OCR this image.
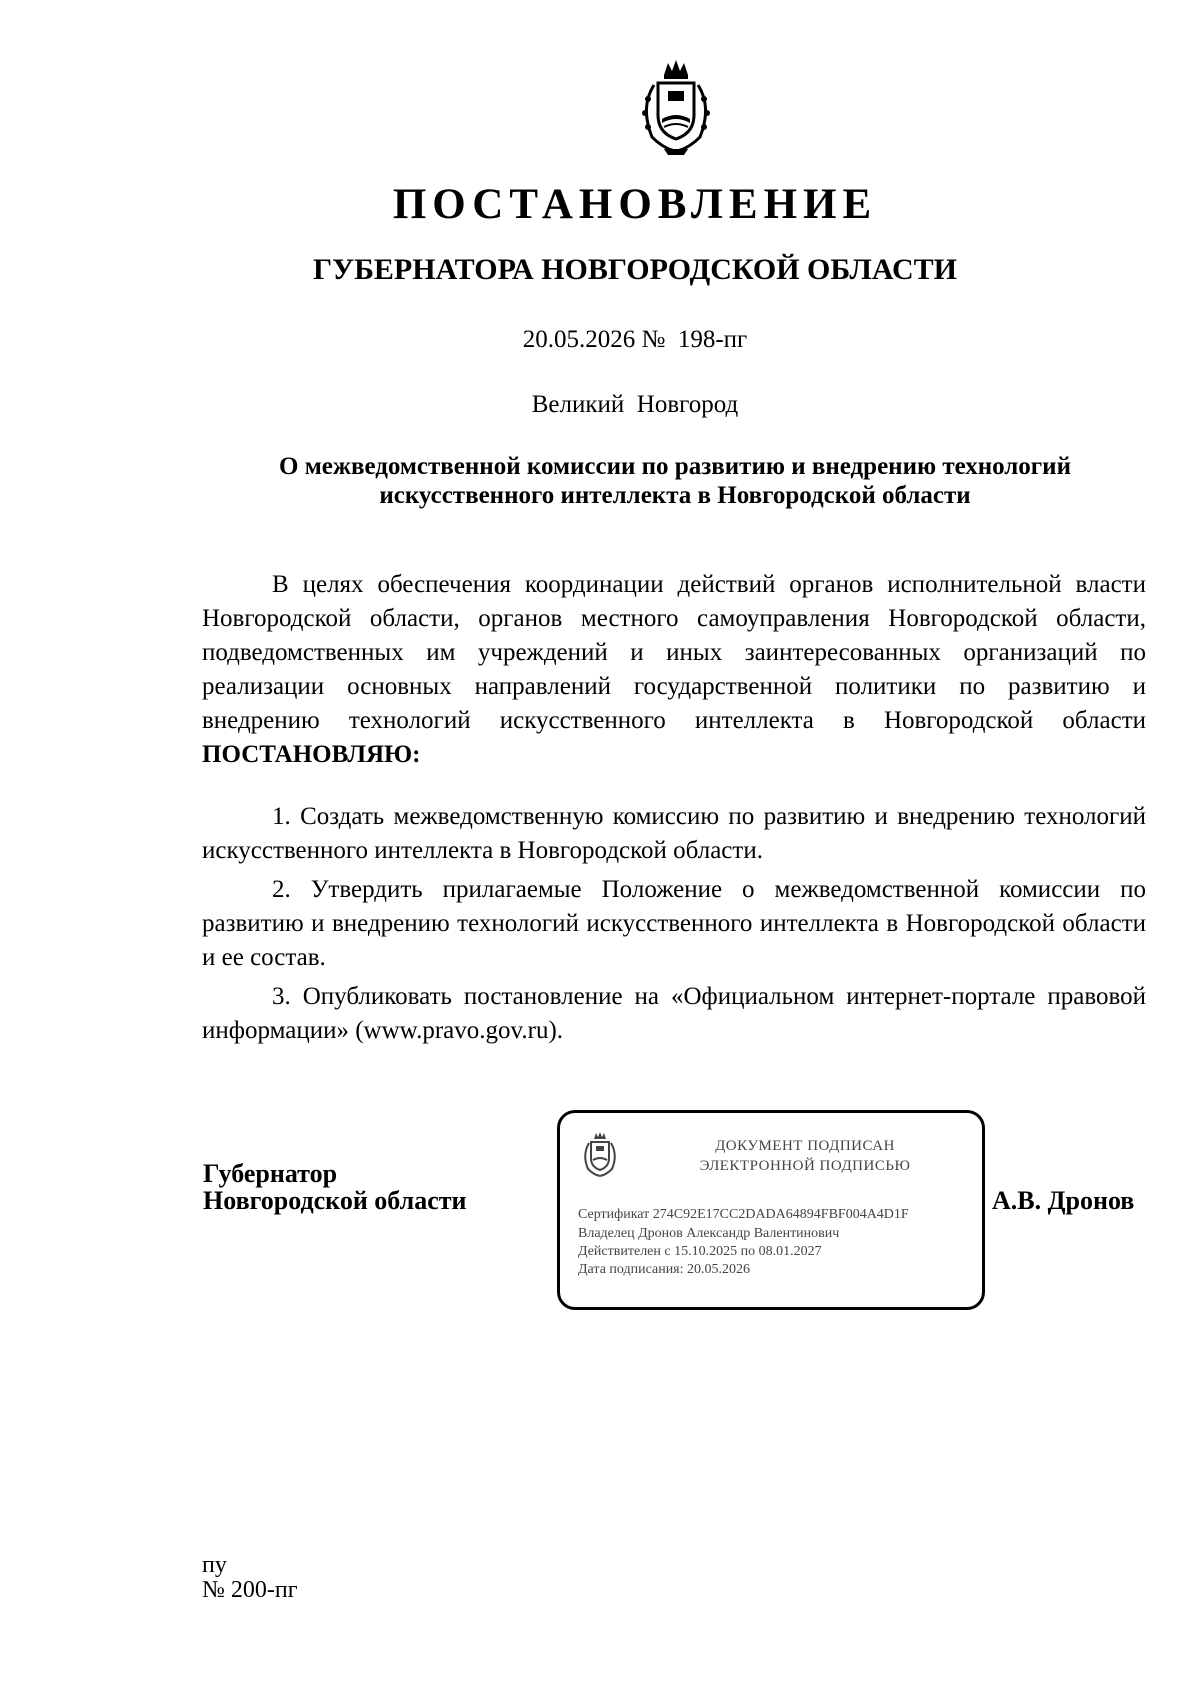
ПОСТАНОВЛЕНИЕ
ГУБЕРНАТОРА НОВГОРОДСКОЙ ОБЛАСТИ
20.05.2026 № 198-пг
Великий  Новгород
О межведомственной комиссии по развитию и внедрению технологий
искусственного интеллекта в Новгородской области

В целях обеспечения координации действий органов исполнительной власти Новгородской области, органов местного самоуправления Новгородской области, подведомственных им учреждений и иных заинтересованных организаций по реализации основных направлений государственной политики по развитию и внедрению технологий искусственного интеллекта в Новгородской области ПОСТАНОВЛЯЮ:

1. Создать межведомственную комиссию по развитию и внедрению технологий искусственного интеллекта в Новгородской области.

2. Утвердить прилагаемые Положение о межведомственной комиссии по развитию и внедрению технологий искусственного интеллекта в Новгородской области и ее состав.

3. Опубликовать постановление на «Официальном интернет-портале правовой информации» (www.pravo.gov.ru).

Губернатор
Новгородской области
ДОКУМЕНТ ПОДПИСАН
ЭЛЕКТРОННОЙ ПОДПИСЬЮ
Сертификат 274C92E17CC2DADA64894FBF004A4D1F
Владелец Дронов Александр Валентинович
Действителен с 15.10.2025 по 08.01.2027
Дата подписания: 20.05.2026
А.В. Дронов
пу
№ 200-пг
